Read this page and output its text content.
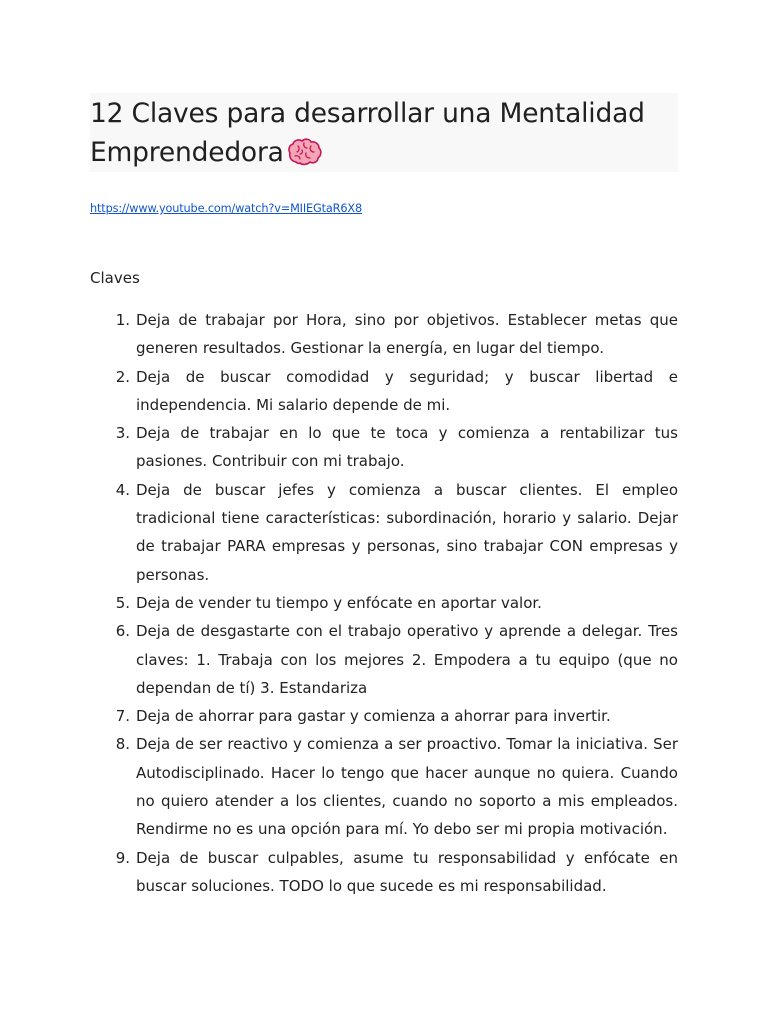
12 Claves para desarrollar una Mentalidad Emprendedora
https://www.youtube.com/watch?v=MIIEGtaR6X8
Claves
1. Deja de trabajar por Hora, sino por objetivos. Establecer metas que generen resultados. Gestionar la energía, en lugar del tiempo.
2. Deja de buscar comodidad y seguridad; y buscar libertad e independencia. Mi salario depende de mi.
3. Deja de trabajar en lo que te toca y comienza a rentabilizar tus pasiones. Contribuir con mi trabajo.
4. Deja de buscar jefes y comienza a buscar clientes. El empleo tradicional tiene características: subordinación, horario y salario. Dejar de trabajar PARA empresas y personas, sino trabajar CON empresas y personas.
5. Deja de vender tu tiempo y enfócate en aportar valor.
6. Deja de desgastarte con el trabajo operativo y aprende a delegar. Tres claves: 1. Trabaja con los mejores 2. Empodera a tu equipo (que no dependan de tí) 3. Estandariza
7. Deja de ahorrar para gastar y comienza a ahorrar para invertir.
8. Deja de ser reactivo y comienza a ser proactivo. Tomar la iniciativa. Ser Autodisciplinado. Hacer lo tengo que hacer aunque no quiera. Cuando no quiero atender a los clientes, cuando no soporto a mis empleados. Rendirme no es una opción para mí. Yo debo ser mi propia motivación.
9. Deja de buscar culpables, asume tu responsabilidad y enfócate en buscar soluciones. TODO lo que sucede es mi responsabilidad.
